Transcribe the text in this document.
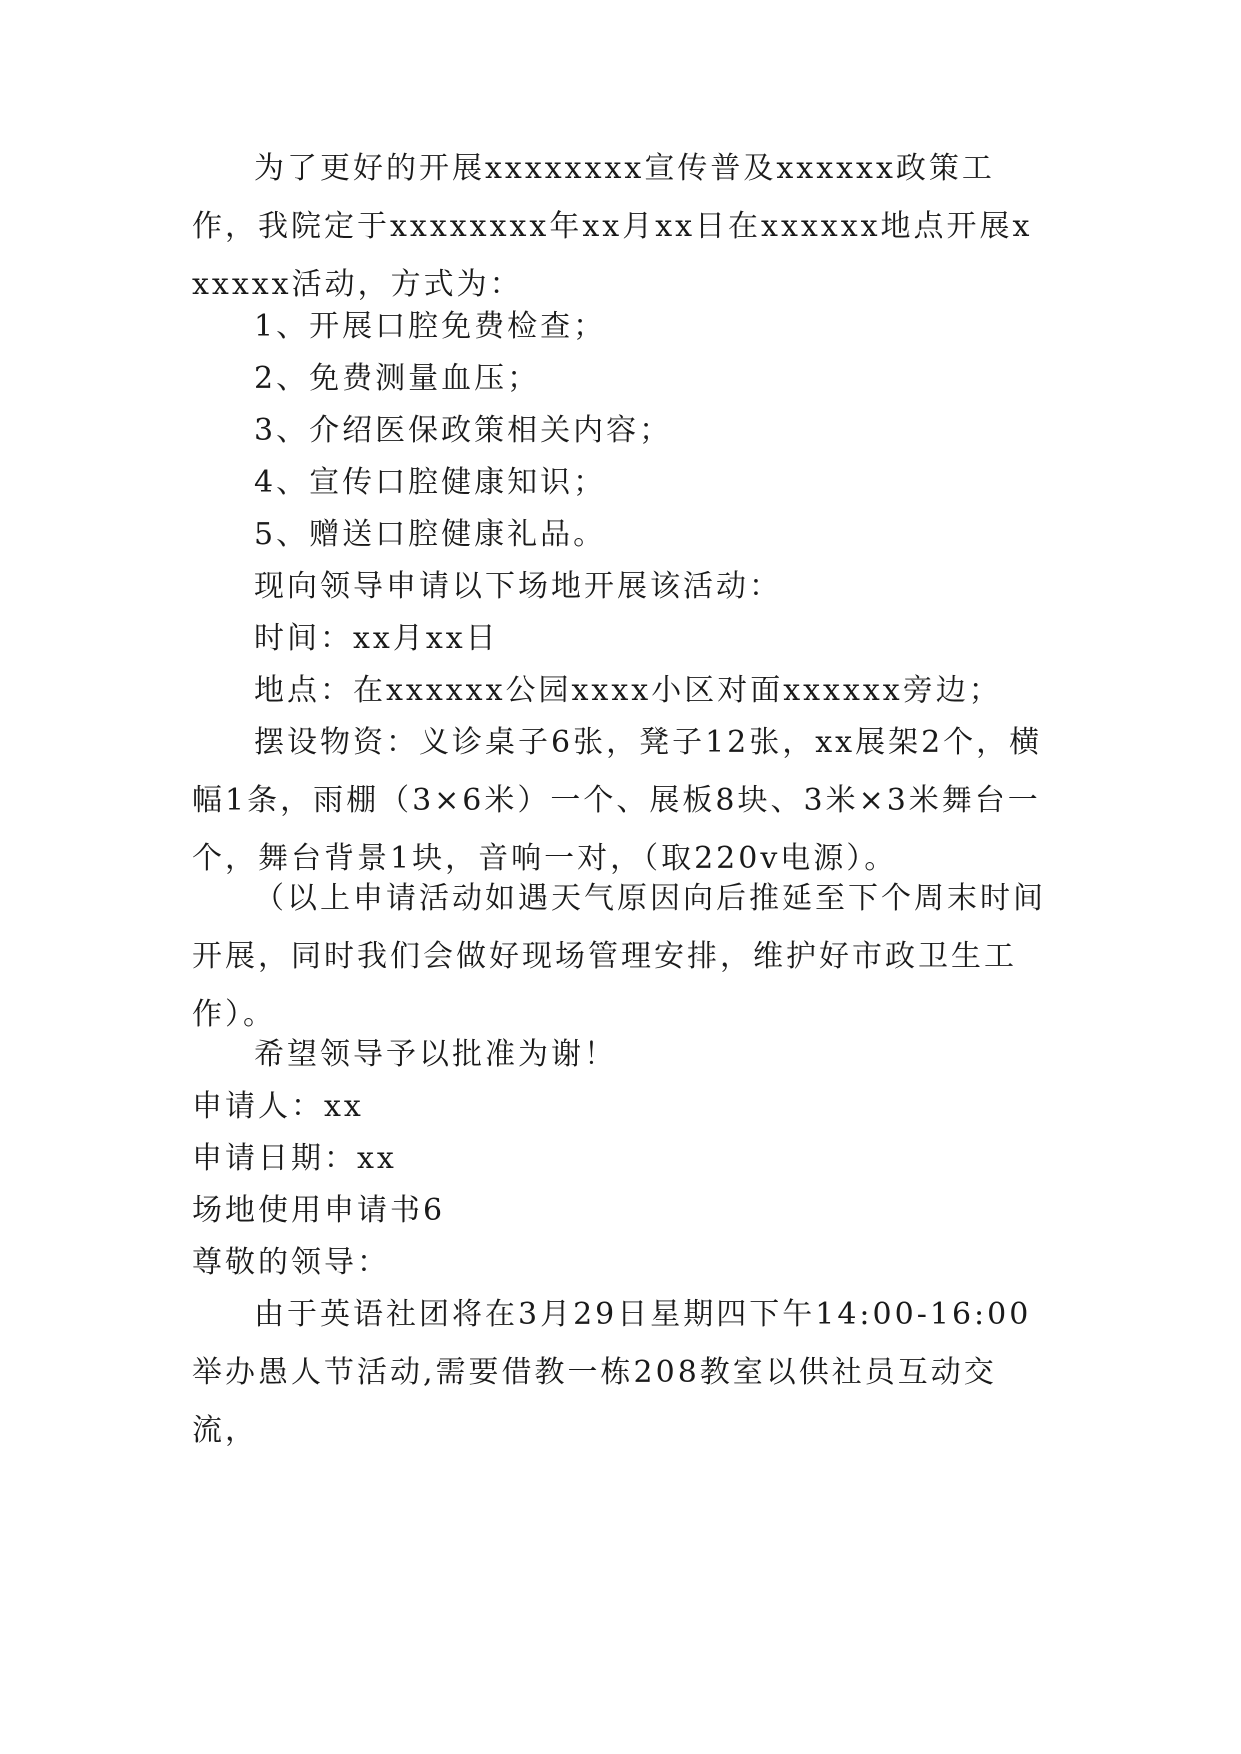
为了更好的开展xxxxxxxx宣传普及xxxxxx政策工作，我院定于xxxxxxxx年xx月xx日在xxxxxx地点开展xxxxxx活动，方式为：

1、开展口腔免费检查；

2、免费测量血压；

3、介绍医保政策相关内容；

4、宣传口腔健康知识；

5、赠送口腔健康礼品。

现向领导申请以下场地开展该活动：

时间：xx月xx日

地点：在xxxxxx公园xxxx小区对面xxxxxx旁边；

摆设物资：义诊桌子6张，凳子12张，xx展架2个，横幅1条，雨棚（3×6米）一个、展板8块、3米×3米舞台一个，舞台背景1块，音响一对，（取220v电源）。

（以上申请活动如遇天气原因向后推延至下个周末时间开展，同时我们会做好现场管理安排，维护好市政卫生工作）。

希望领导予以批准为谢！

申请人：xx

申请日期：xx

场地使用申请书6

尊敬的领导：

由于英语社团将在3月29日星期四下午14:00-16:00举办愚人节活动,需要借教一栋208教室以供社员互动交流，
